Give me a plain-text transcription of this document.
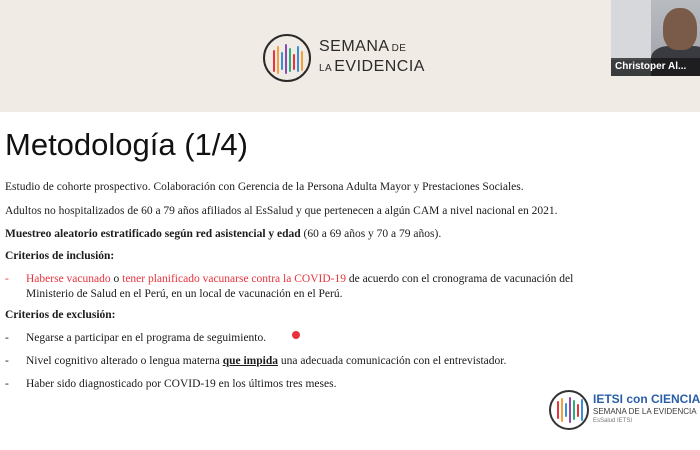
SEMANA DE
LA EVIDENCIA	Christoper Al...
Metodología (1/4)
Estudio de cohorte prospectivo. Colaboración con Gerencia de la Persona Adulta Mayor y Prestaciones Sociales.
Adultos no hospitalizados de 60 a 79 años afiliados al EsSalud y que pertenecen a algún CAM a nivel nacional en 2021.
Muestreo aleatorio estratificado según red asistencial y edad (60 a 69 años y 70 a 79 años).
Criterios de inclusión:
- Haberse vacunado o tener planificado vacunarse contra la COVID-19 de acuerdo con el cronograma de vacunación del
Ministerio de Salud en el Perú, en un local de vacunación en el Perú.
Criterios de exclusión:
- Negarse a participar en el programa de seguimiento.
- Nivel cognitivo alterado o lengua materna que impida una adecuada comunicación con el entrevistador.
- Haber sido diagnosticado por COVID-19 en los últimos tres meses.
IETSI con CIENCIA
SEMANA DE LA EVIDENCIA
EsSalud IETSI
